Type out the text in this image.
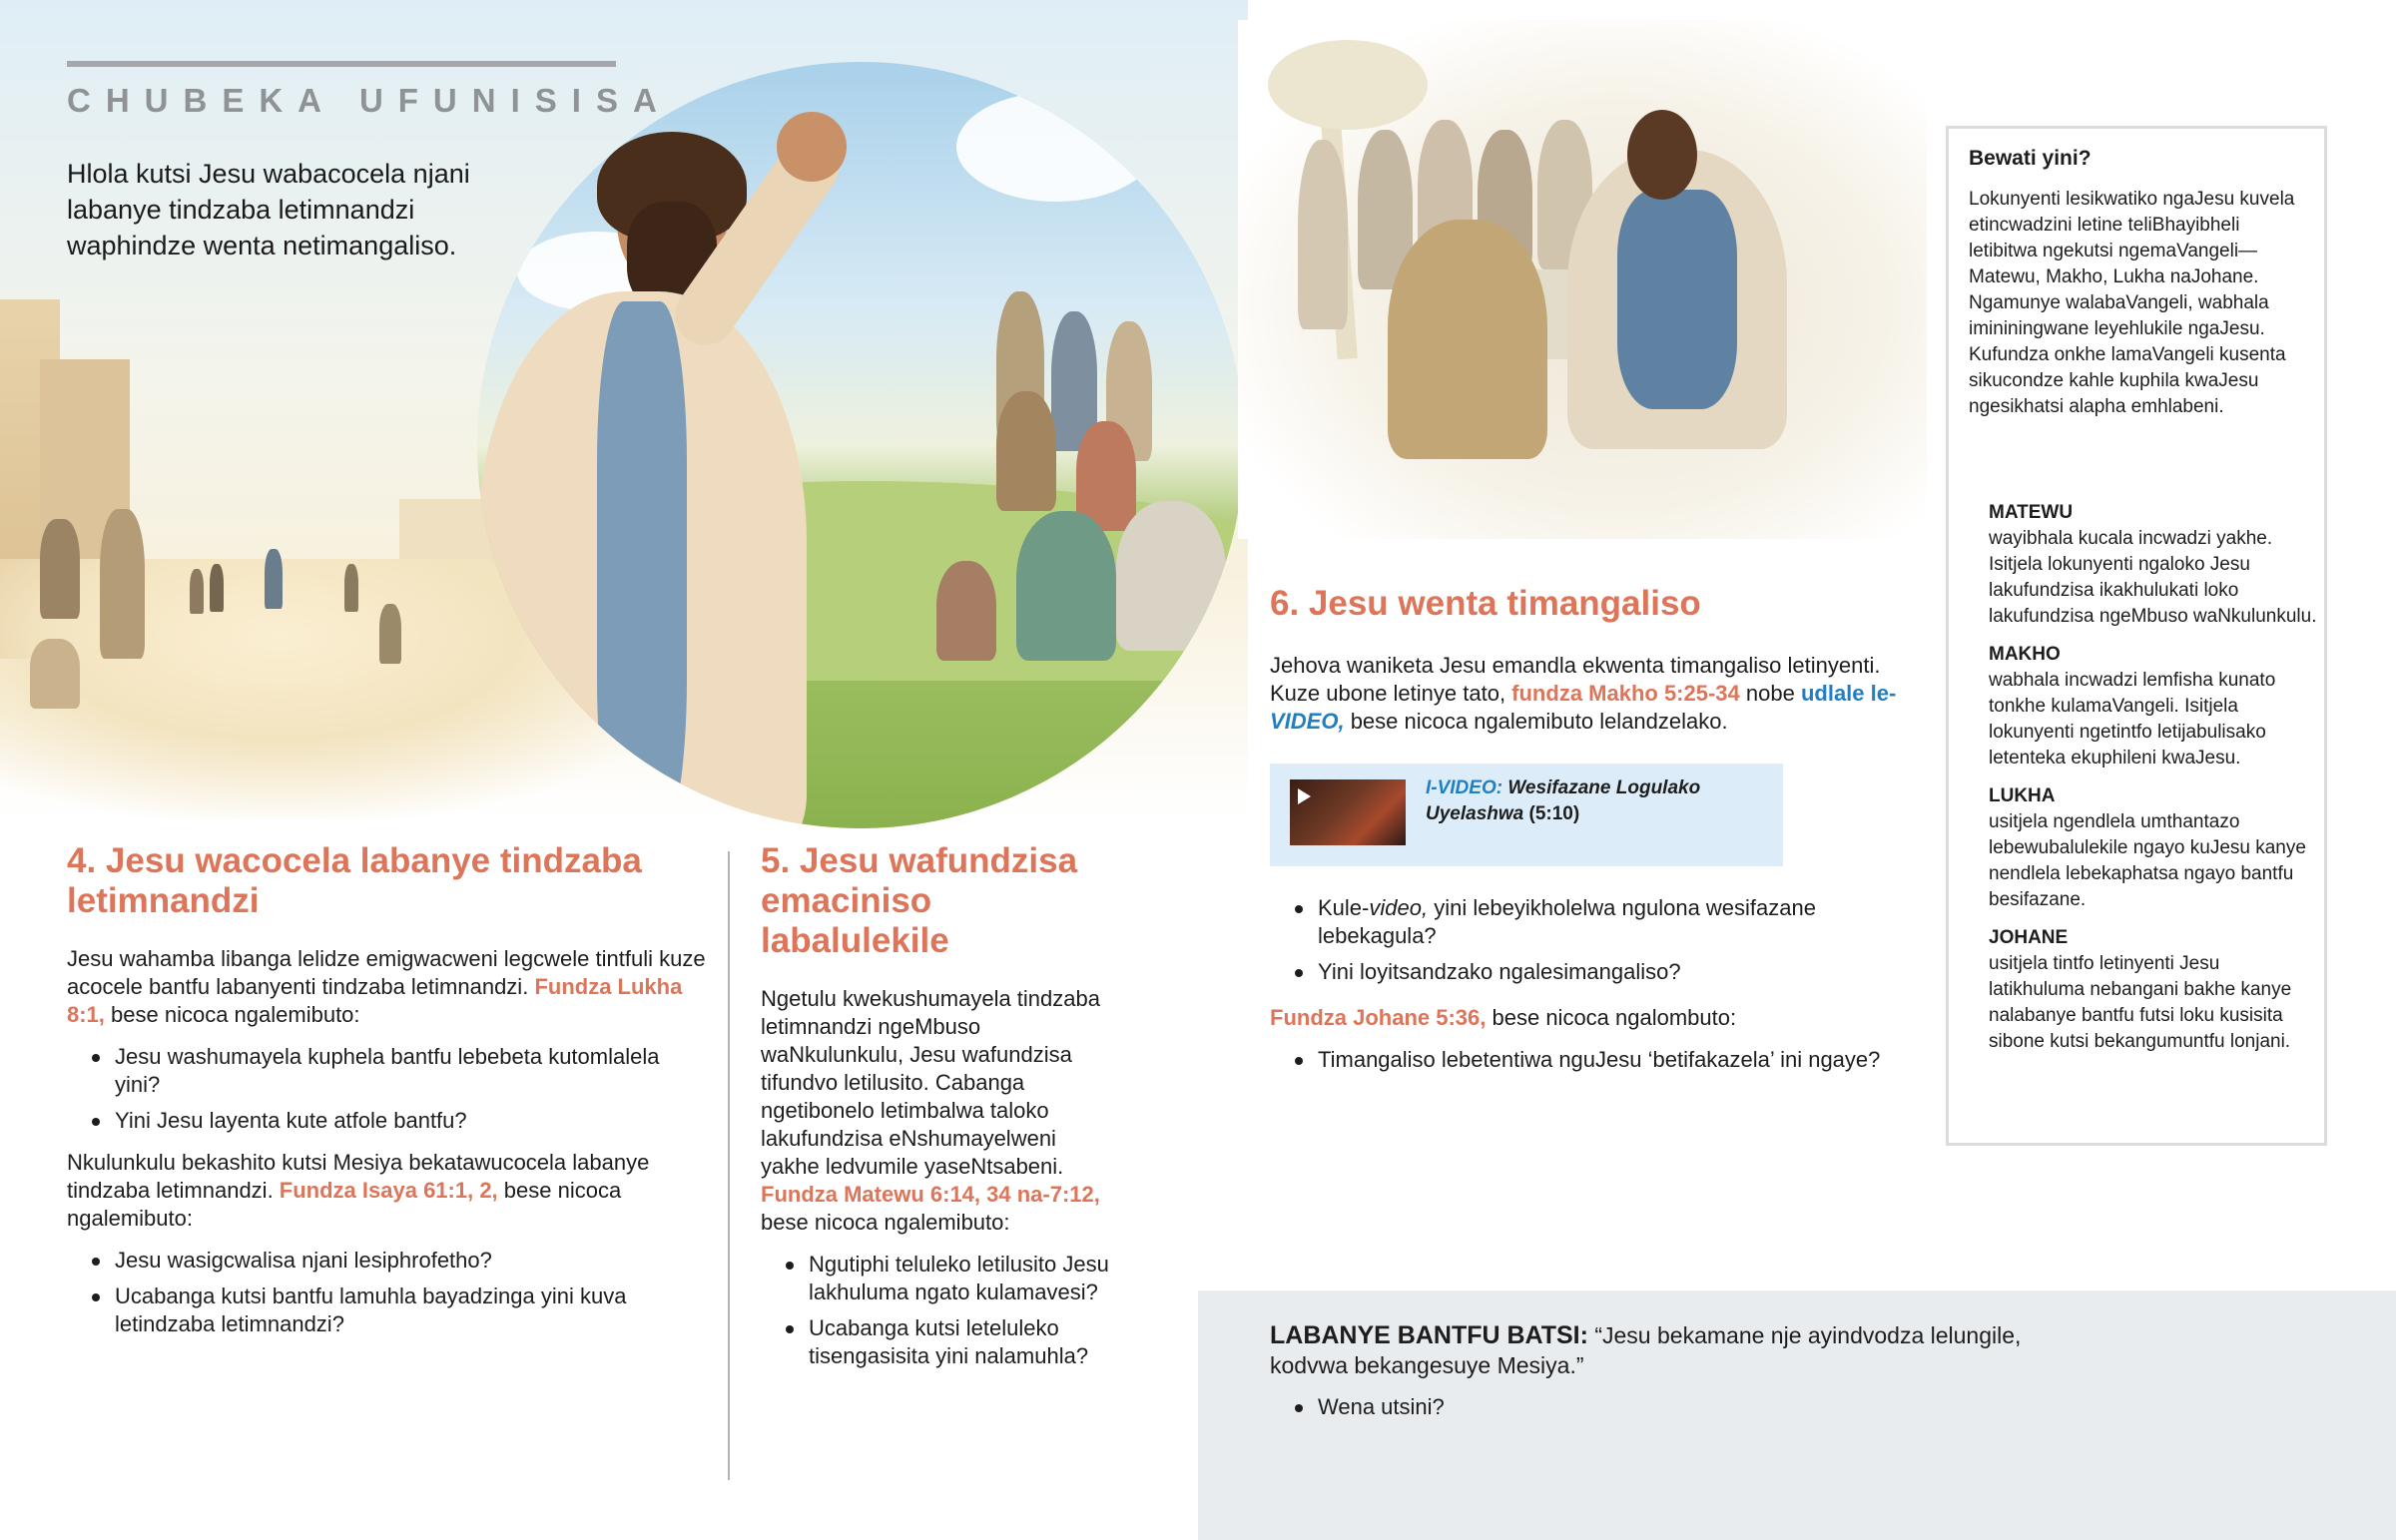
CHUBEKA UFUNISISA
Hlola kutsi Jesu wabacocela njani labanye tindzaba letimnandzi waphindze wenta netimangaliso.
4. Jesu wacocela labanye tindzaba letimnandzi

Jesu wahamba libanga lelidze emigwacweni legcwele tintfuli kuze acocele bantfu labanyenti tindzaba letimnandzi. Fundza Lukha 8:1, bese nicoca ngalemibuto:

Jesu washumayela kuphela bantfu lebebeta kutomlalela yini?
Yini Jesu layenta kute atfole bantfu?

Nkulunkulu bekashito kutsi Mesiya bekatawucocela labanye tindzaba letimnandzi. Fundza Isaya 61:1, 2, bese nicoca ngalemibuto:

Jesu wasigcwalisa njani lesiphrofetho?
Ucabanga kutsi bantfu lamuhla bayadzinga yini kuva letindzaba letimnandzi?
5. Jesu wafundzisa emaciniso labalulekile

Ngetulu kwekushumayela tindzaba letimnandzi ngeMbuso waNkulunkulu, Jesu wafundzisa tifundvo letilusito. Cabanga ngetibonelo letimbalwa taloko lakufundzisa eNshumayelweni yakhe ledvumile yaseNtsabeni. Fundza Matewu 6:14, 34 na-7:12, bese nicoca ngalemibuto:

Ngutiphi teluleko letilusito Jesu lakhuluma ngato kulamavesi?
Ucabanga kutsi leteluleko tisengasisita yini nalamuhla?
6. Jesu wenta timangaliso

Jehova waniketa Jesu emandla ekwenta timangaliso letinyenti. Kuze ubone letinye tato, fundza Makho 5:25-34 nobe udlale le-VIDEO, bese nicoca ngalemibuto lelandzelako.

I-VIDEO: Wesifazane Logulako Uyelashwa (5:10)
Kule-video, yini lebeyikholelwa ngulona wesifazane lebekagula?
Yini loyitsandzako ngalesimangaliso?

Fundza Johane 5:36, bese nicoca ngalombuto:

Timangaliso lebetentiwa nguJesu ‘betifakazela’ ini ngaye?
Bewati yini?
Lokunyenti lesikwatiko ngaJesu kuvela etincwadzini letine teliBhayibheli letibitwa ngekutsi ngemaVangeli—Matewu, Makho, Lukha naJohane. Ngamunye walabaVangeli, wabhala imininingwane leyehlukile ngaJesu. Kufundza onkhe lamaVangeli kusenta sikucondze kahle kuphila kwaJesu ngesikhatsi alapha emhlabeni.
MATEWU
wayibhala kucala incwadzi yakhe. Isitjela lokunyenti ngaloko Jesu lakufundzisa ikakhulukati loko lakufundzisa ngeMbuso waNkulunkulu.
MAKHO
wabhala incwadzi lemfisha kunato tonkhe kulamaVangeli. Isitjela lokunyenti ngetintfo letijabulisako letenteka ekuphileni kwaJesu.
LUKHA
usitjela ngendlela umthantazo lebewubalulekile ngayo kuJesu kanye nendlela lebekaphatsa ngayo bantfu besifazane.
JOHANE
usitjela tintfo letinyenti Jesu latikhuluma nebangani bakhe kanye nalabanye bantfu futsi loku kusisita sibone kutsi bekangumuntfu lonjani.

LABANYE BANTFU BATSI: “Jesu bekamane nje ayindvodza lelungile, kodvwa bekangesuye Mesiya.”

Wena utsini?
